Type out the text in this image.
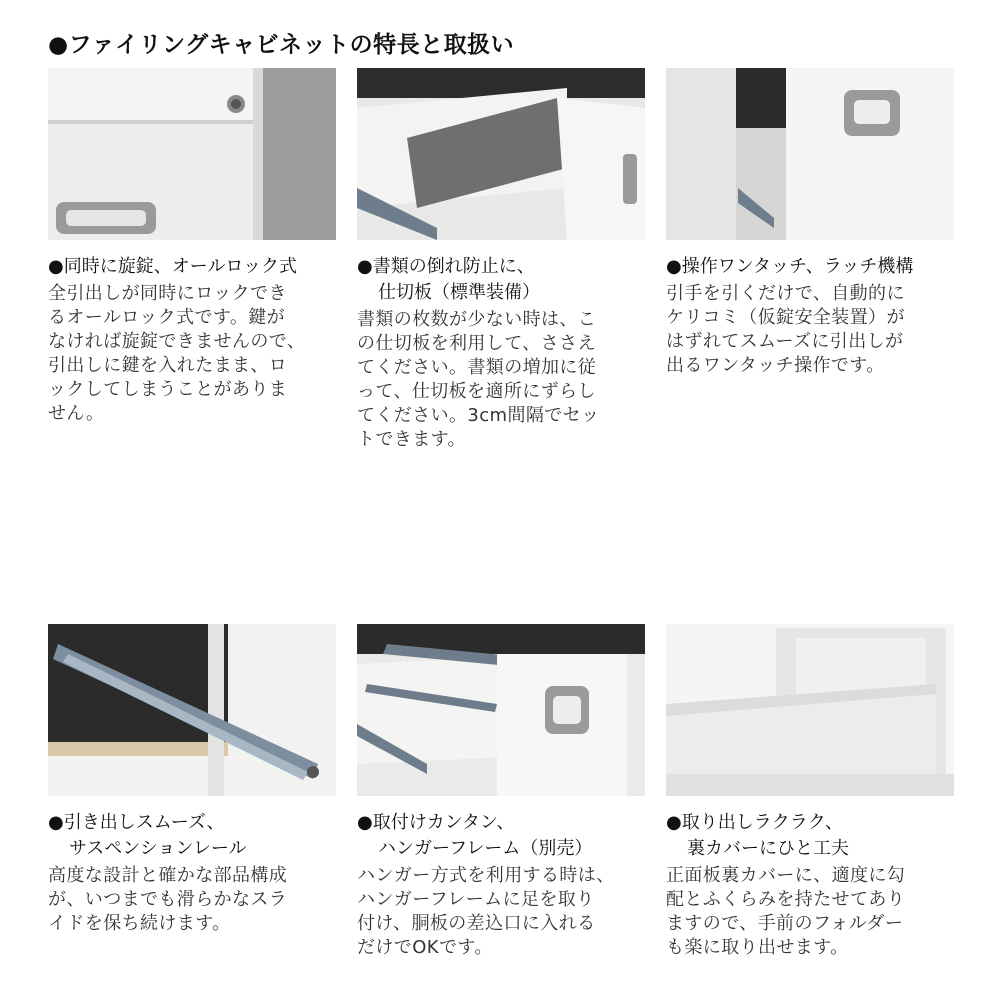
●ファイリングキャビネットの特長と取扱い
●同時に旋錠、オールロック式
全引出しが同時にロックでき
るオールロック式です。鍵が
なければ旋錠できませんので、
引出しに鍵を入れたまま、ロ
ックしてしまうことがありま
せん。
●書類の倒れ防止に、
仕切板（標準装備）
書類の枚数が少ない時は、こ
の仕切板を利用して、ささえ
てください。書類の増加に従
って、仕切板を適所にずらし
てください。3cm間隔でセッ
トできます。
●操作ワンタッチ、ラッチ機構
引手を引くだけで、自動的に
ケリコミ（仮錠安全装置）が
はずれてスムーズに引出しが
出るワンタッチ操作です。
●引き出しスムーズ、
サスペンションレール
高度な設計と確かな部品構成
が、いつまでも滑らかなスラ
イドを保ち続けます。
●取付けカンタン、
ハンガーフレーム（別売）
ハンガー方式を利用する時は、
ハンガーフレームに足を取り
付け、胴板の差込口に入れる
だけでOKです。
●取り出しラクラク、
裏カバーにひと工夫
正面板裏カバーに、適度に勾
配とふくらみを持たせてあり
ますので、手前のフォルダー
も楽に取り出せます。
